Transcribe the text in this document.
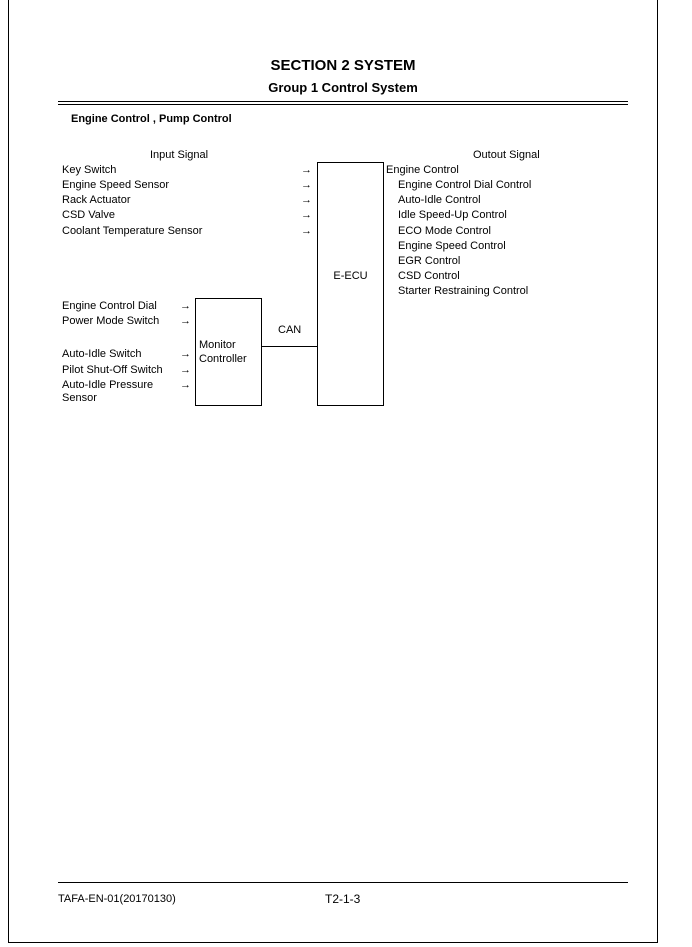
SECTION 2 SYSTEM
Group 1 Control System
Engine Control , Pump Control
Input Signal	Outout Signal
Key Switch
Engine Speed Sensor
Rack Actuator
CSD Valve
Coolant Temperature Sensor
→
→
→
→
→
E-ECU
Engine Control Dial
Power Mode Switch
Auto-Idle Switch
Pilot Shut-Off Switch
Auto-Idle Pressure
Sensor
→
→
→
→
→
Monitor
Controller
CAN
Engine Control
Engine Control Dial Control
Auto-Idle Control
Idle Speed-Up Control
ECO Mode Control
Engine Speed Control
EGR Control
CSD Control
Starter Restraining Control
TAFA-EN-01(20170130)	T2-1-3
